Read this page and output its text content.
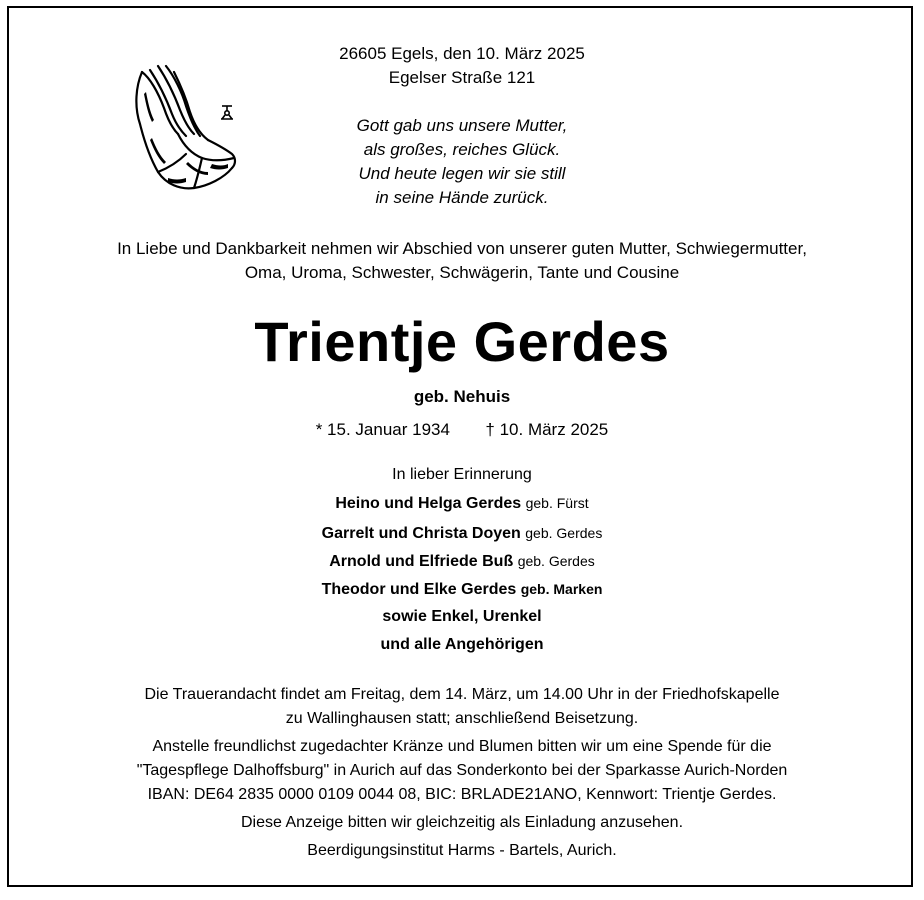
26605 Egels, den 10. März 2025
Egelser Straße 121
Gott gab uns unsere Mutter,
als großes, reiches Glück.
Und heute legen wir sie still
in seine Hände zurück.
In Liebe und Dankbarkeit nehmen wir Abschied von unserer guten Mutter, Schwiegermutter,
Oma, Uroma, Schwester, Schwägerin, Tante und Cousine
Trientje Gerdes
geb. Nehuis
* 15. Januar 1934 † 10. März 2025
In lieber Erinnerung
Heino und Helga Gerdes geb. Fürst
Garrelt und Christa Doyen geb. Gerdes
Arnold und Elfriede Buß geb. Gerdes
Theodor und Elke Gerdes geb. Marken
sowie Enkel, Urenkel
und alle Angehörigen
Die Trauerandacht findet am Freitag, dem 14. März, um 14.00 Uhr in der Friedhofskapelle
zu Wallinghausen statt; anschließend Beisetzung.
Anstelle freundlichst zugedachter Kränze und Blumen bitten wir um eine Spende für die
"Tagespflege Dalhoffsburg" in Aurich auf das Sonderkonto bei der Sparkasse Aurich-Norden
IBAN: DE64 2835 0000 0109 0044 08, BIC: BRLADE21ANO, Kennwort: Trientje Gerdes.
Diese Anzeige bitten wir gleichzeitig als Einladung anzusehen.
Beerdigungsinstitut Harms - Bartels, Aurich.
